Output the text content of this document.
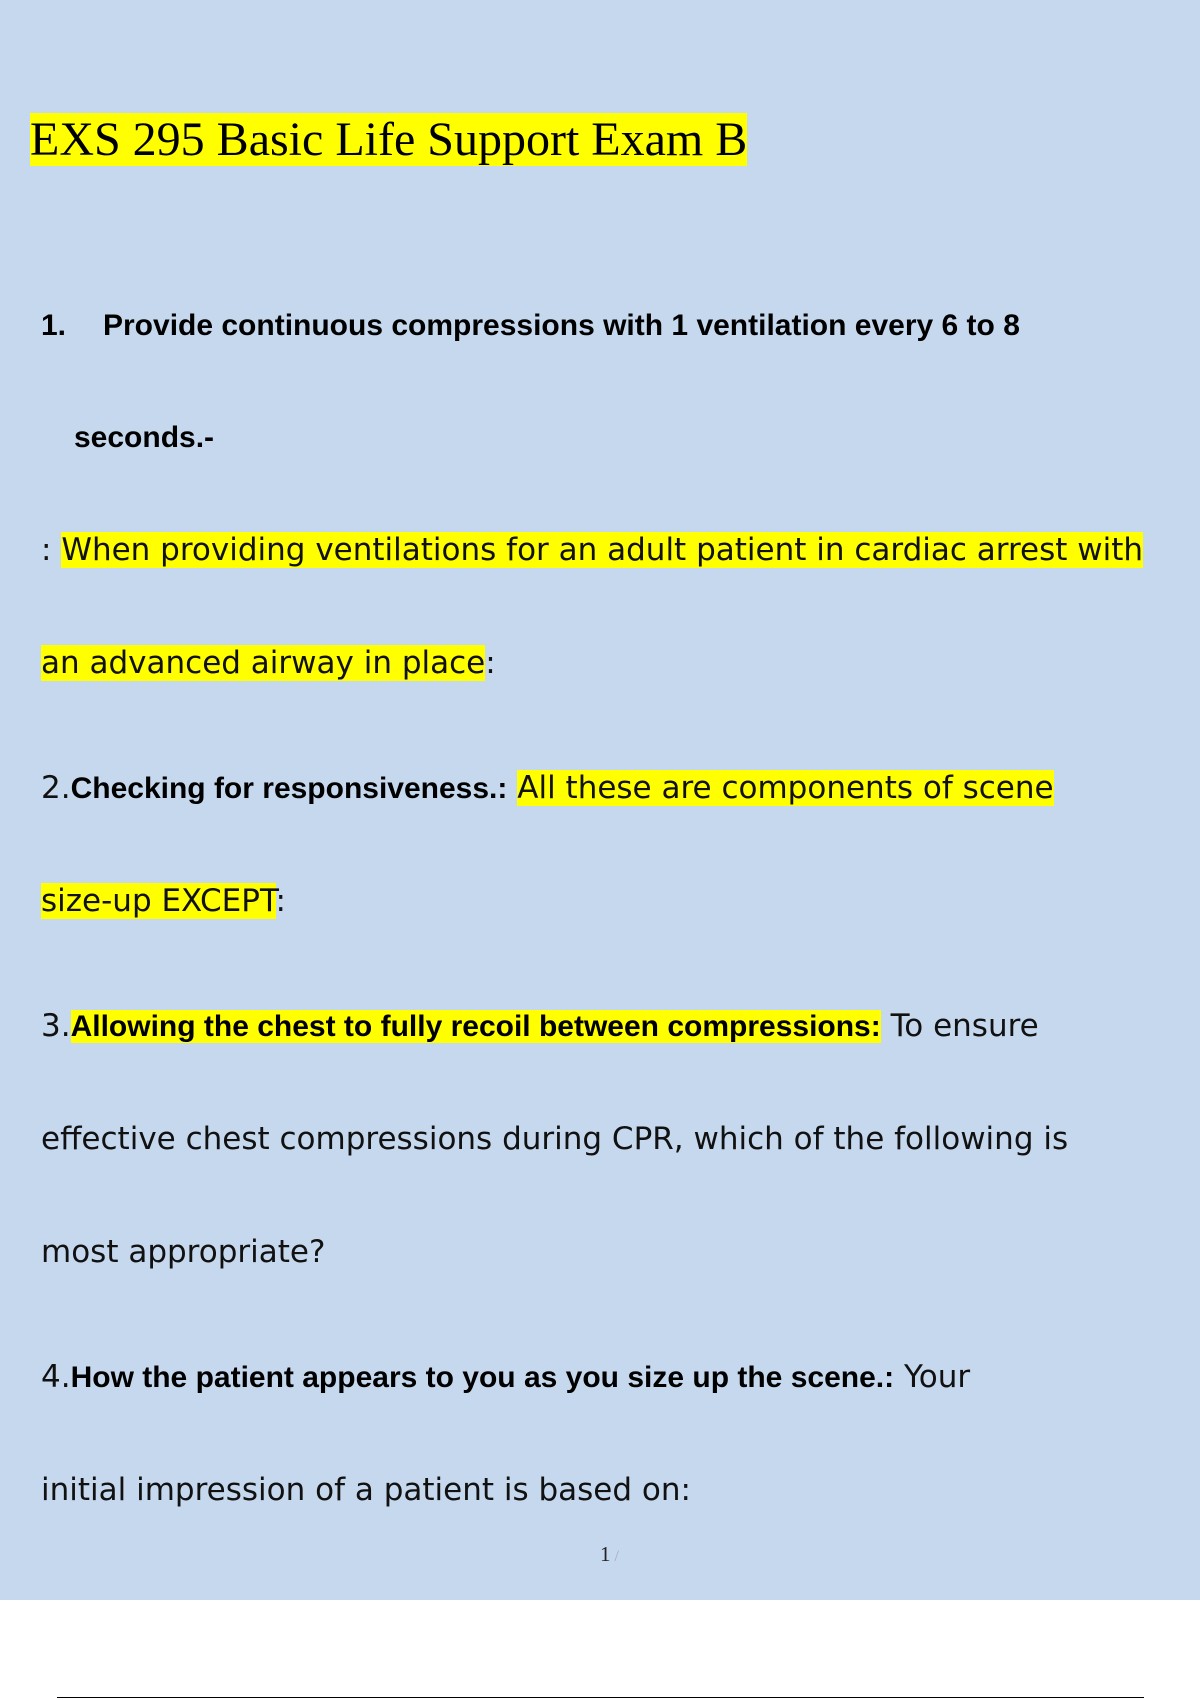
EXS 295 Basic Life Support Exam B
1. Provide continuous compressions with 1 ventilation every 6 to 8
seconds.-
: When providing ventilations for an adult patient in cardiac arrest with
an advanced airway in place:
2.Checking for responsiveness.: All these are components of scene
size-up EXCEPT:
3.Allowing the chest to fully recoil between compressions: To ensure
effective chest compressions during CPR, which of the following is
most appropriate?
4.How the patient appears to you as you size up the scene.: Your
initial impression of a patient is based on:
1 /
